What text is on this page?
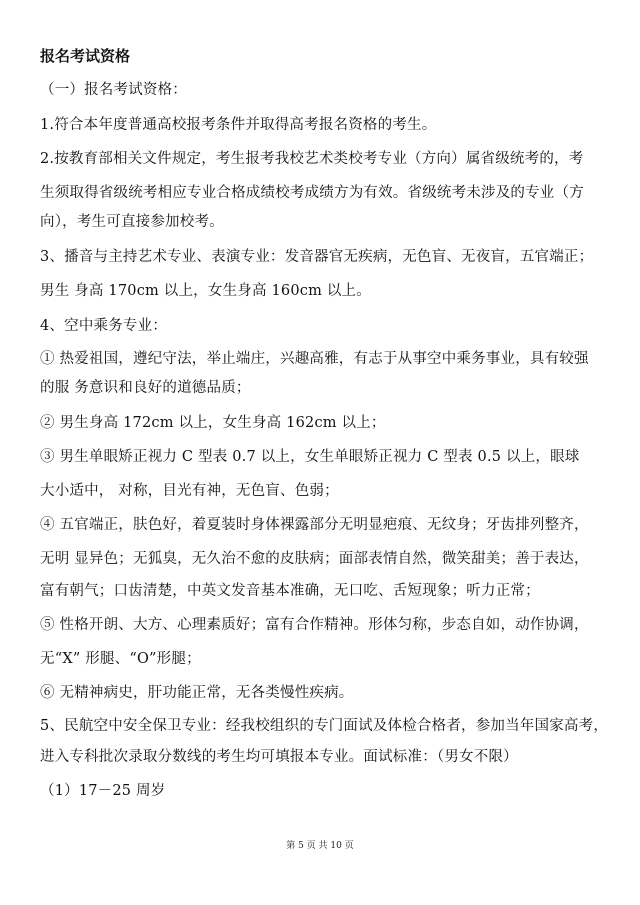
报名考试资格

（一）报名考试资格：

1.符合本年度普通高校报考条件并取得高考报名资格的考生。

2.按教育部相关文件规定，考生报考我校艺术类校考专业（方向）属省级统考的，考

生须取得省级统考相应专业合格成绩校考成绩方为有效。省级统考未涉及的专业（方

向），考生可直接参加校考。

3、播音与主持艺术专业、表演专业：发音器官无疾病，无色盲、无夜盲，五官端正；

男生 身高 170cm 以上，女生身高 160cm 以上。

4、空中乘务专业：

① 热爱祖国，遵纪守法，举止端庄，兴趣高雅，有志于从事空中乘务事业，具有较强

的服 务意识和良好的道德品质；

② 男生身高 172cm 以上，女生身高 162cm 以上；

③ 男生单眼矫正视力 C 型表 0.7 以上，女生单眼矫正视力 C 型表 0.5 以上，眼球

大小适中， 对称，目光有神，无色盲、色弱；

④ 五官端正，肤色好，着夏装时身体裸露部分无明显疤痕、无纹身；牙齿排列整齐，

无明 显异色；无狐臭，无久治不愈的皮肤病；面部表情自然，微笑甜美；善于表达，

富有朝气；口齿清楚，中英文发音基本准确，无口吃、舌短现象；听力正常；

⑤ 性格开朗、大方、心理素质好；富有合作精神。形体匀称，步态自如，动作协调，

无“X” 形腿、“O”形腿；

⑥ 无精神病史，肝功能正常，无各类慢性疾病。

5、民航空中安全保卫专业：经我校组织的专门面试及体检合格者，参加当年国家高考，

进入专科批次录取分数线的考生均可填报本专业。面试标准：（男女不限）

（1）17－25 周岁

第 5 页 共 10 页
